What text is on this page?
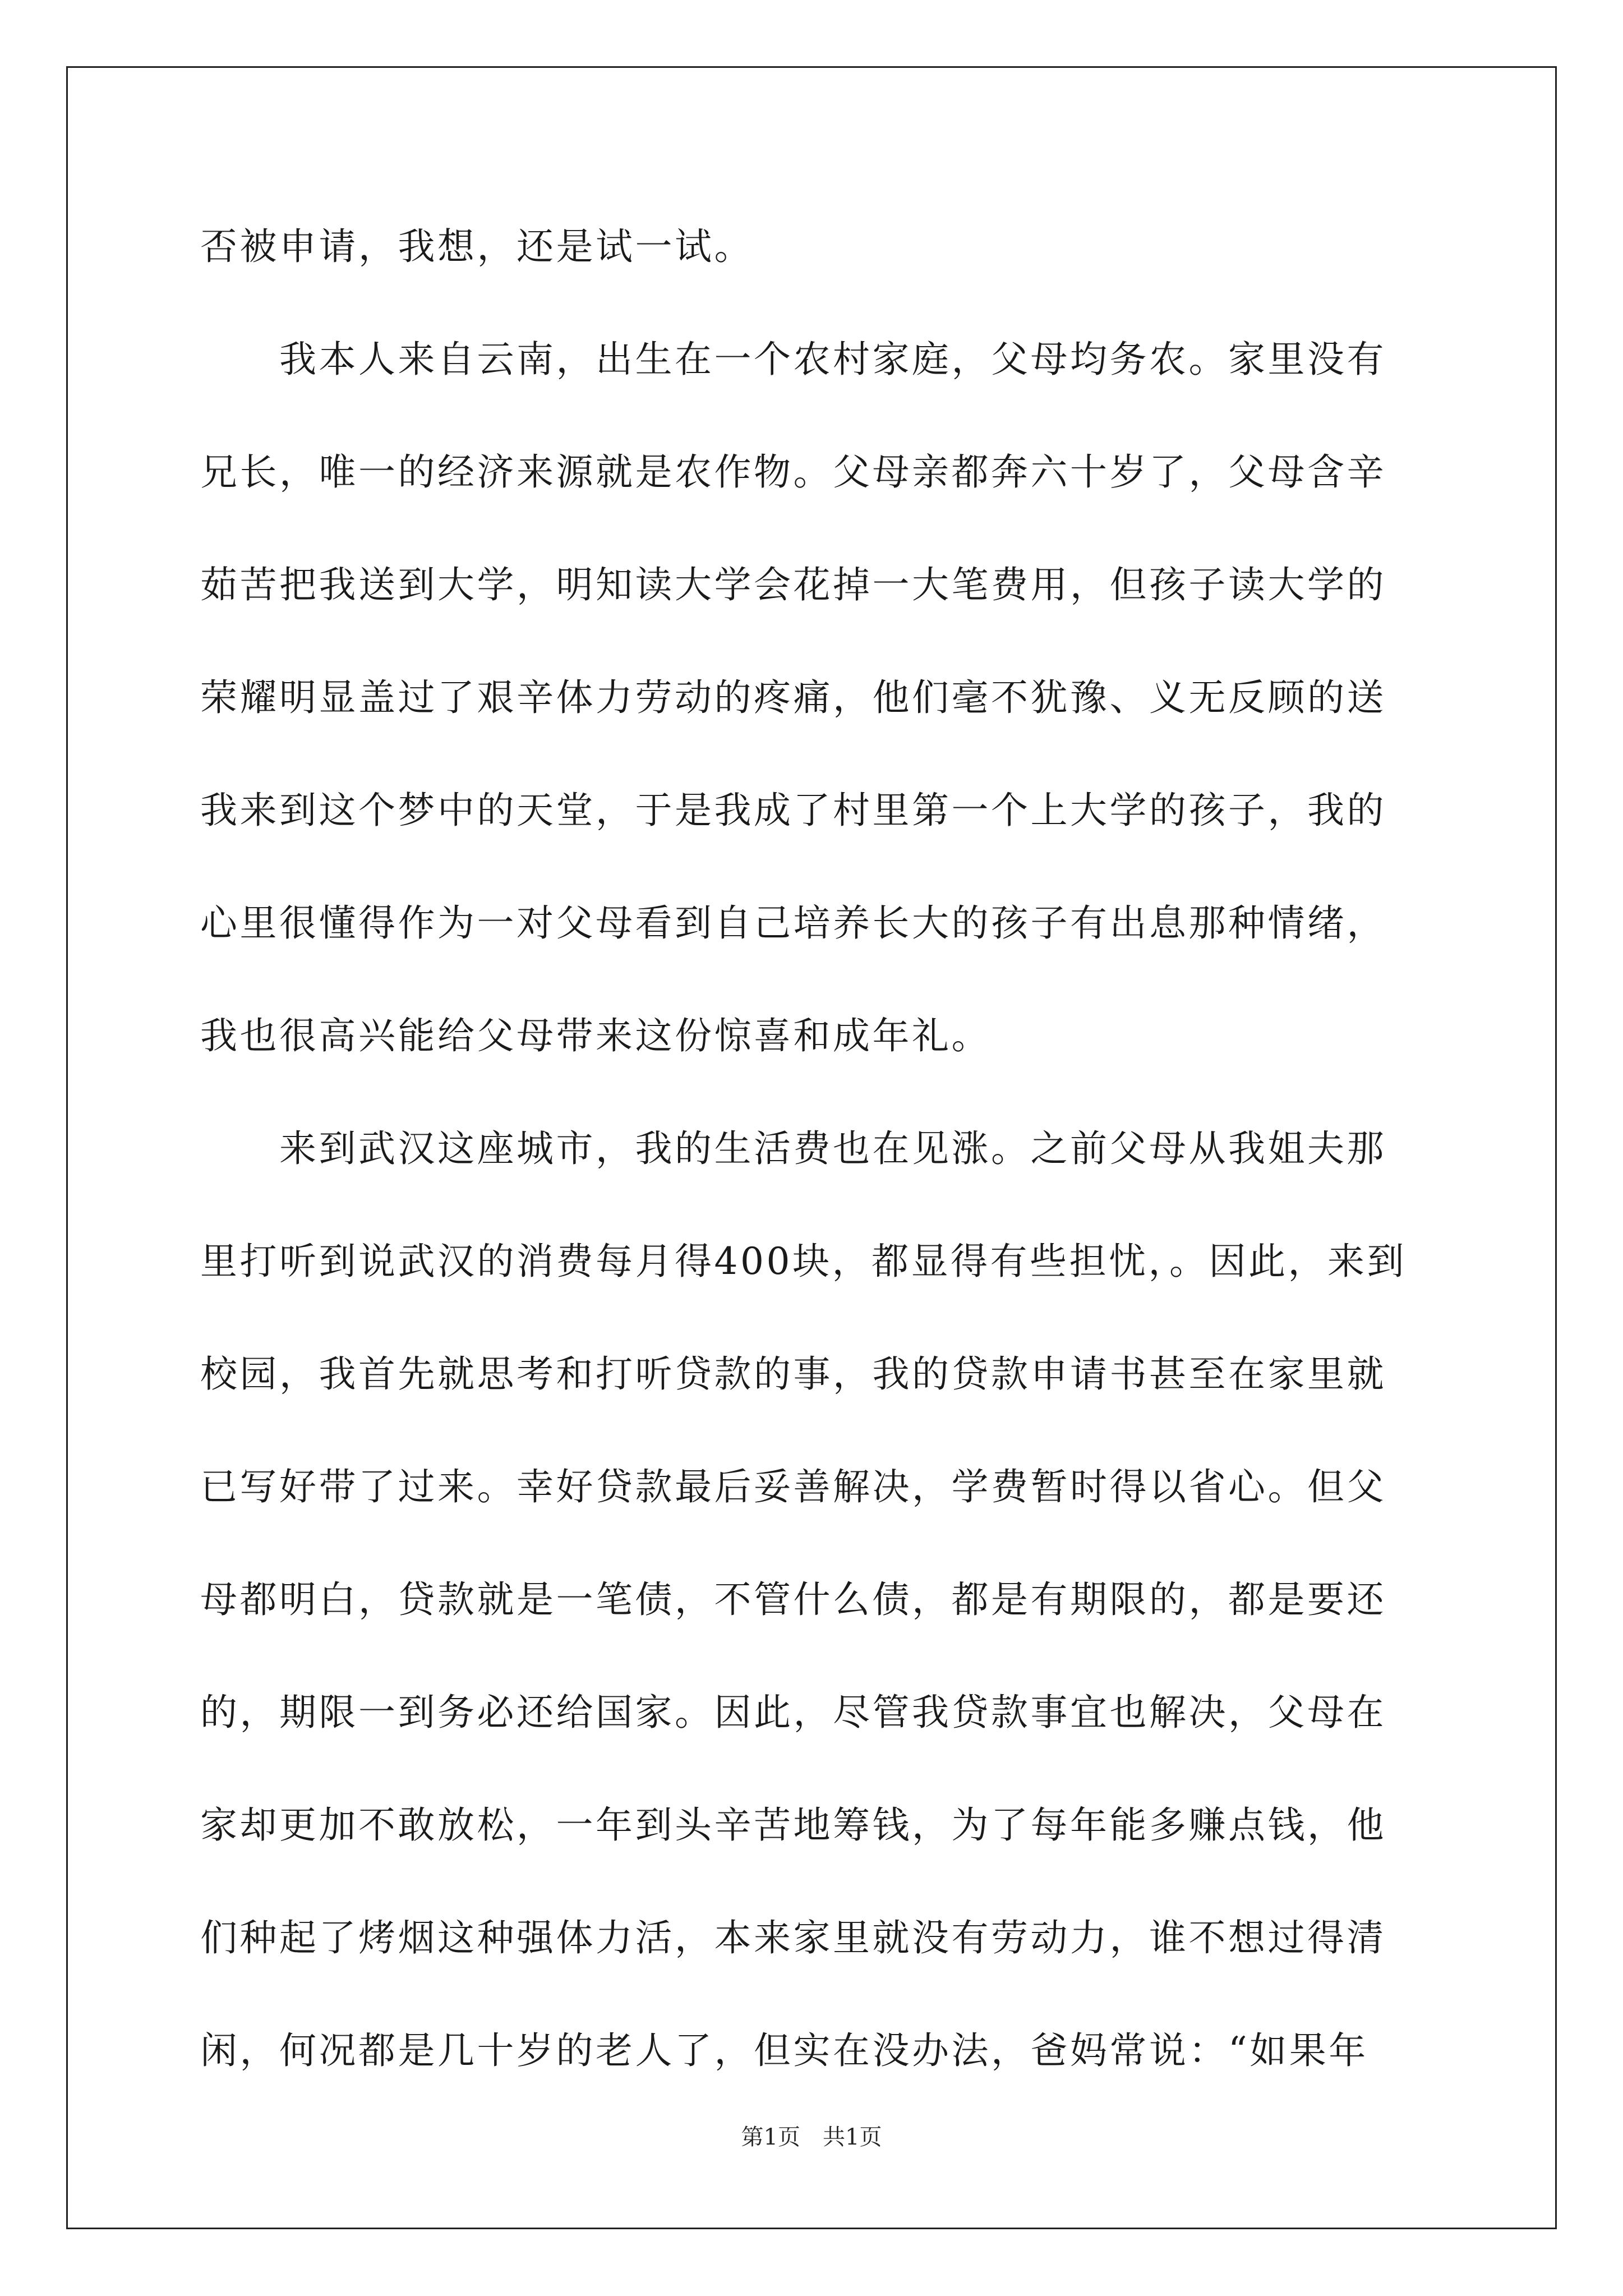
否被申请，我想，还是试一试。
　　我本人来自云南，出生在一个农村家庭，父母均务农。家里没有
兄长，唯一的经济来源就是农作物。父母亲都奔六十岁了，父母含辛
茹苦把我送到大学，明知读大学会花掉一大笔费用，但孩子读大学的
荣耀明显盖过了艰辛体力劳动的疼痛，他们毫不犹豫、义无反顾的送
我来到这个梦中的天堂，于是我成了村里第一个上大学的孩子，我的
心里很懂得作为一对父母看到自己培养长大的孩子有出息那种情绪，
我也很高兴能给父母带来这份惊喜和成年礼。
　　来到武汉这座城市，我的生活费也在见涨。之前父母从我姐夫那
里打听到说武汉的消费每月得400块，都显得有些担忧，。因此，来到
校园，我首先就思考和打听贷款的事，我的贷款申请书甚至在家里就
已写好带了过来。幸好贷款最后妥善解决，学费暂时得以省心。但父
母都明白，贷款就是一笔债，不管什么债，都是有期限的，都是要还
的，期限一到务必还给国家。因此，尽管我贷款事宜也解决，父母在
家却更加不敢放松，一年到头辛苦地筹钱，为了每年能多赚点钱，他
们种起了烤烟这种强体力活，本来家里就没有劳动力，谁不想过得清
闲，何况都是几十岁的老人了，但实在没办法，爸妈常说：“如果年
第1页　共1页
